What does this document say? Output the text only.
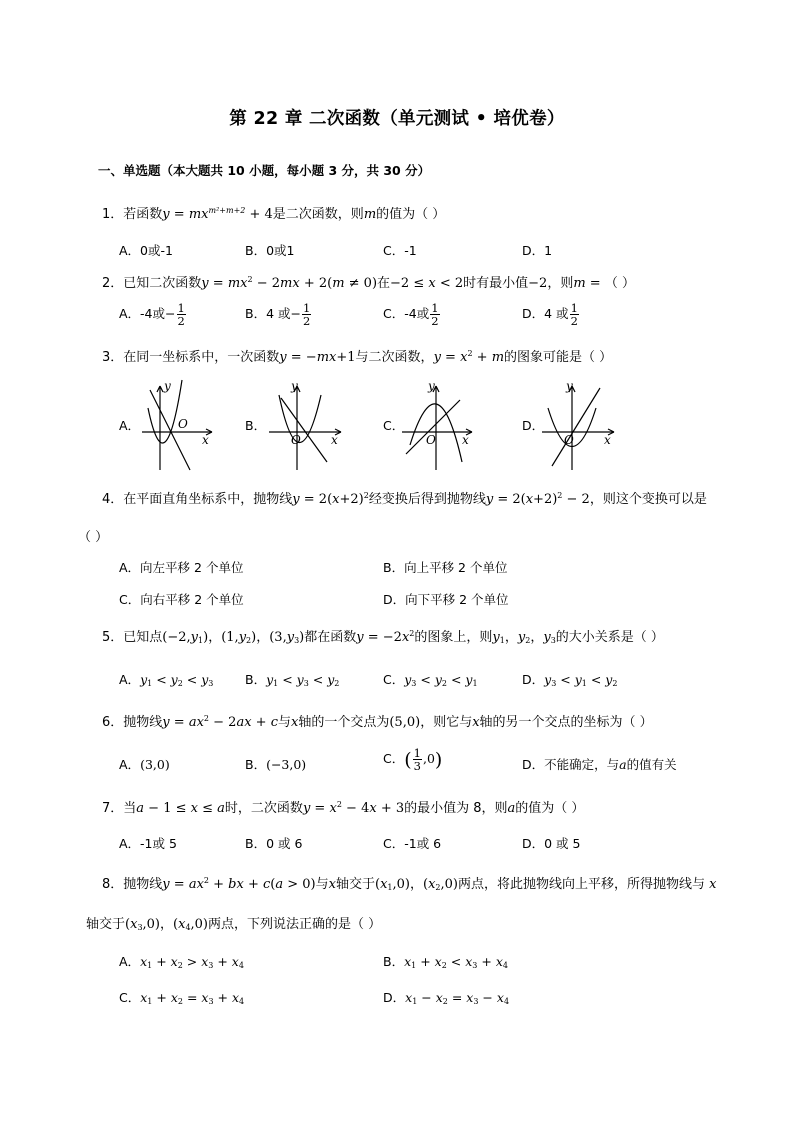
第 22 章 二次函数（单元测试 • 培优卷）
一、单选题（本大题共 10 小题，每小题 3 分，共 30 分）
1．若函数$y = mx^{m^2+m+2} + 4$是二次函数，则m的值为（ ）
A．0或-1	B．0或1	C．-1	D．1
2．已知二次函数$y = mx^2 - 2mx + 2(m \ne 0)$在−2 ≤ x < 2时有最小值−2，则m = （ ）
A．-4或− $\frac{1}{2}$	B．4 或− $\frac{1}{2}$	C．-4或 $\frac{1}{2}$	D．4 或 $\frac{1}{2}$
3．在同一坐标系中，一次函数y = −mx+1与二次函数，$y = x^2 + m$的图象可能是（ ）
A．	B．	C．	D．
y
x
O
y
x
O
y
x
O
y
x
O
4．在平面直角坐标系中，抛物线$y = 2(x+2)^2$经变换后得到抛物线$y = 2(x+2)^2 - 2$，则这个变换可以是
（ ）
A．向左平移 2 个单位	B．向上平移 2 个单位
C．向右平移 2 个单位	D．向下平移 2 个单位
5．已知点$(-2,y_1)$，$(1,y_2)$，$(3,y_3)$都在函数$y = -2x^2$的图象上，则$y_1$，$y_2$，$y_3$的大小关系是（ ）
A．$y_1 < y_2 < y_3$	B．$y_1 < y_3 < y_2$	C．$y_3 < y_2 < y_1$	D．$y_3 < y_1 < y_2$
6．抛物线$y = ax^2 - 2ax + c$与x轴的一个交点为(5,0)，则它与x轴的另一个交点的坐标为（ ）
A．(3,0)	B．(−3,0)	C．( $\frac{1}{3} ,0$)	D．不能确定，与a的值有关
7．当a − 1 ≤ x ≤ a时，二次函数$y = x^2 - 4x + 3$的最小值为 8，则a的值为（ ）
A．-1或 5	B．0 或 6	C．-1或 6	D．0 或 5
8．抛物线$y = ax^2$ + bx + c(a > 0)与x轴交于$(x_1,0)$，$(x_2,0)$两点，将此抛物线向上平移，所得抛物线与 x
轴交于$(x_3,0)$，$(x_4,0)$两点，下列说法正确的是（ ）
A．$x_1 + x_2 > x_3 + x_4$	B．$x_1 + x_2 < x_3 + x_4$
C．$x_1 + x_2 = x_3 + x_4$	D．$x_1 - x_2 = x_3 - x_4$
